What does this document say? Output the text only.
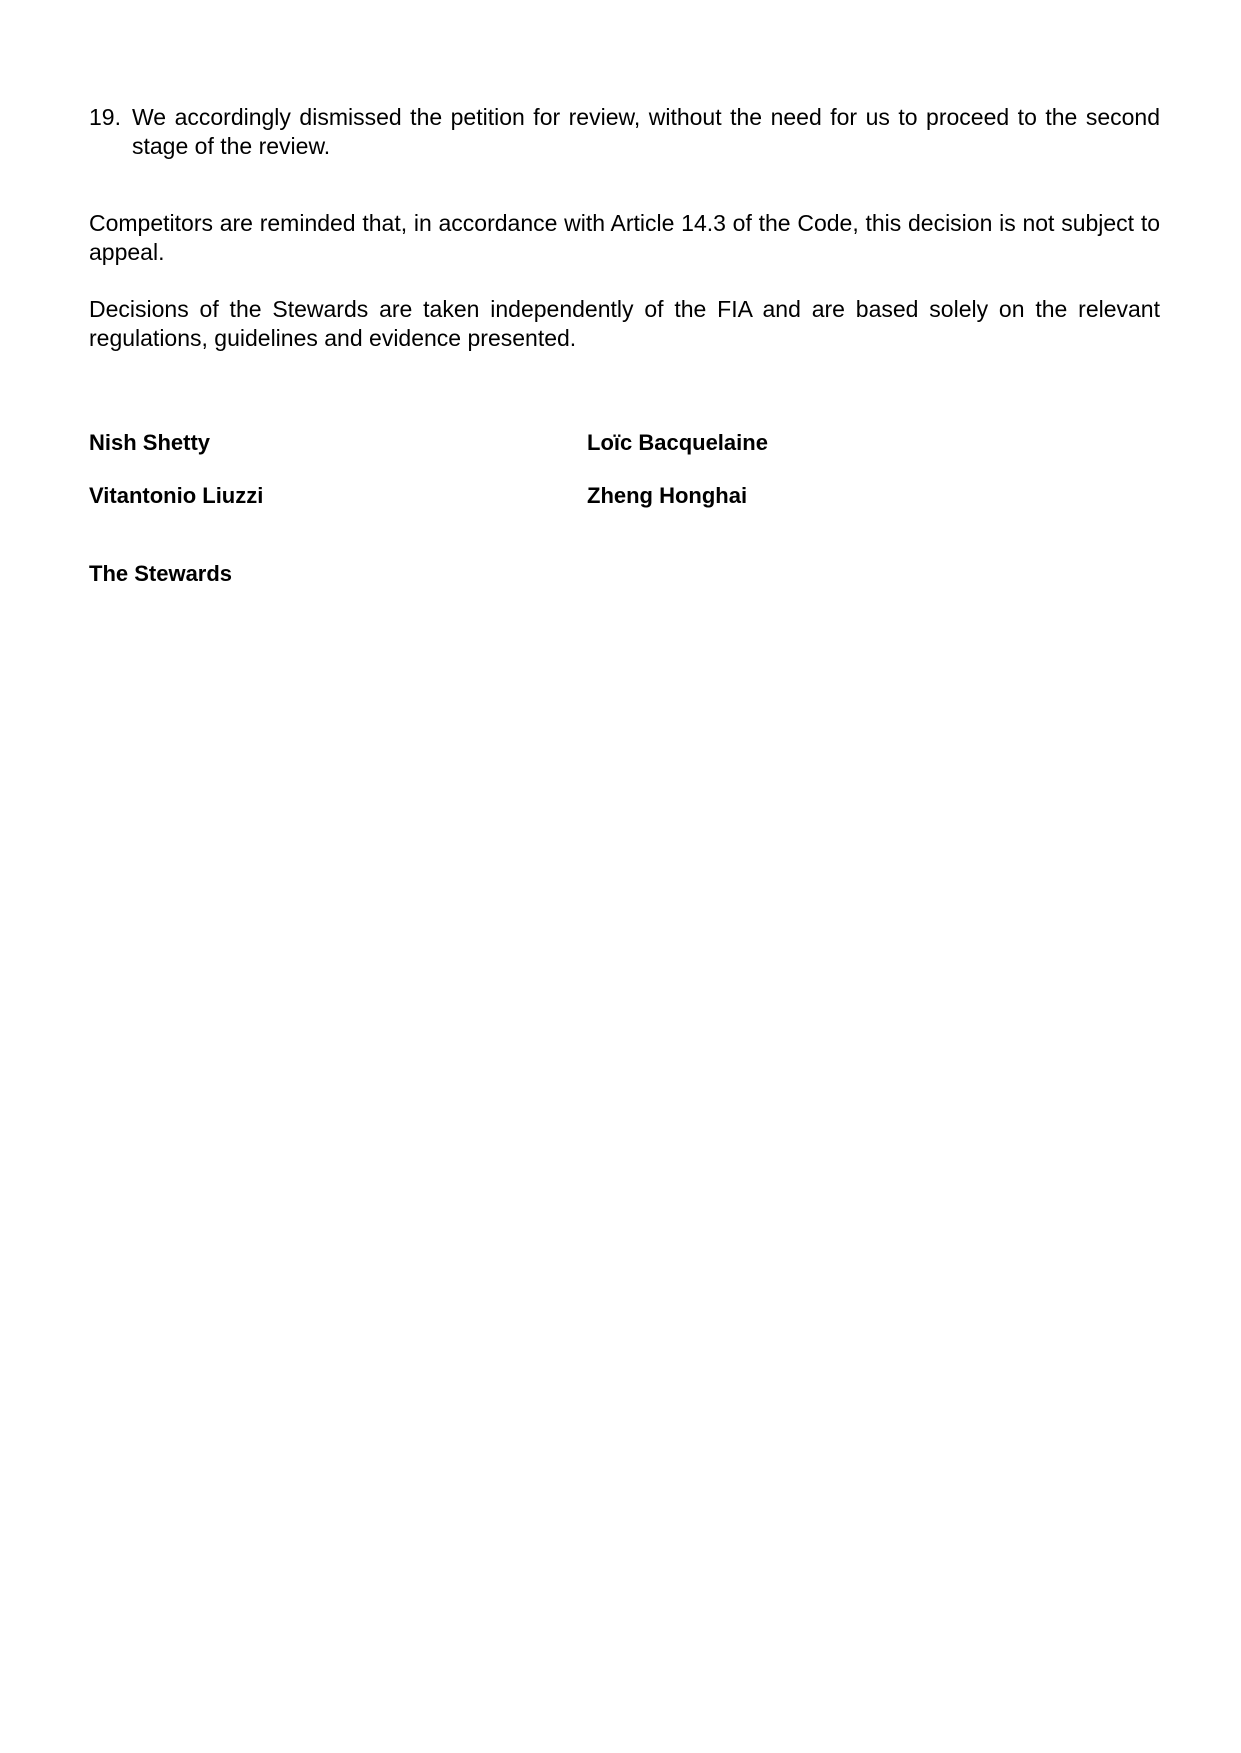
19. We accordingly dismissed the petition for review, without the need for us to proceed to the second stage of the review.

Competitors are reminded that, in accordance with Article 14.3 of the Code, this decision is not subject to appeal.

Decisions of the Stewards are taken independently of the FIA and are based solely on the relevant regulations, guidelines and evidence presented.

Nish Shetty	Loïc Bacquelaine
Vitantonio Liuzzi	Zheng Honghai
The Stewards
